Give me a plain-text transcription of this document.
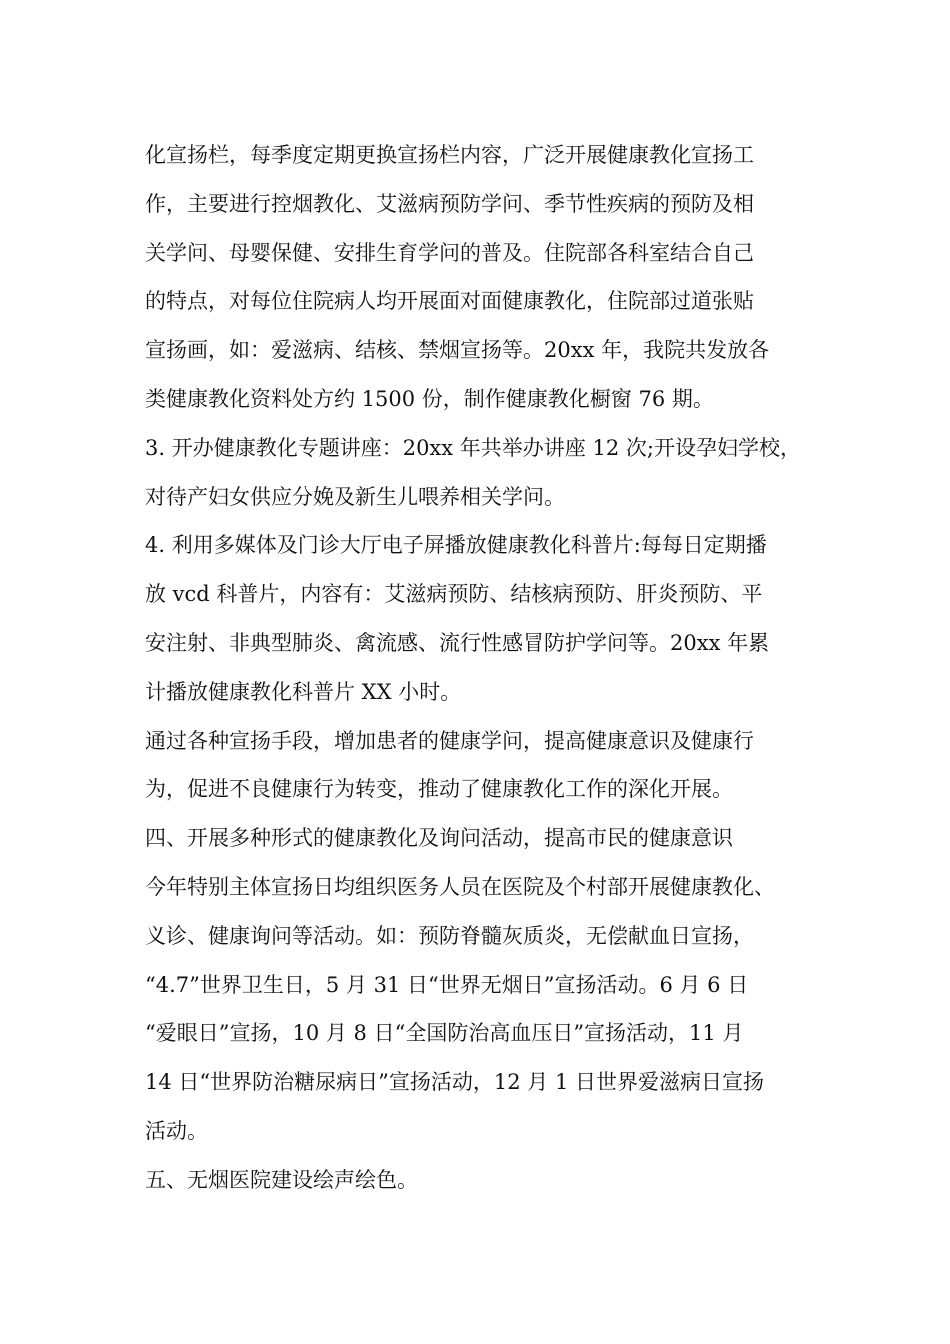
化宣扬栏，每季度定期更换宣扬栏内容，广泛开展健康教化宣扬工
作，主要进行控烟教化、艾滋病预防学问、季节性疾病的预防及相
关学问、母婴保健、安排生育学问的普及。住院部各科室结合自己
的特点，对每位住院病人均开展面对面健康教化，住院部过道张贴
宣扬画，如：爱滋病、结核、禁烟宣扬等。20xx 年，我院共发放各
类健康教化资料处方约 1500 份，制作健康教化橱窗 76 期。
3. 开办健康教化专题讲座：20xx 年共举办讲座 12 次;开设孕妇学校，
对待产妇女供应分娩及新生儿喂养相关学问。
4. 利用多媒体及门诊大厅电子屏播放健康教化科普片:每每日定期播
放 vcd 科普片，内容有：艾滋病预防、结核病预防、肝炎预防、平
安注射、非典型肺炎、禽流感、流行性感冒防护学问等。20xx 年累
计播放健康教化科普片 XX 小时。
通过各种宣扬手段，增加患者的健康学问，提高健康意识及健康行
为，促进不良健康行为转变，推动了健康教化工作的深化开展。
四、开展多种形式的健康教化及询问活动，提高市民的健康意识
今年特别主体宣扬日均组织医务人员在医院及个村部开展健康教化、
义诊、健康询问等活动。如：预防脊髓灰质炎，无偿献血日宣扬，
“4.7”世界卫生日，5 月 31 日“世界无烟日”宣扬活动。6 月 6 日
“爱眼日”宣扬，10 月 8 日“全国防治高血压日”宣扬活动，11 月
14 日“世界防治糖尿病日”宣扬活动，12 月 1 日世界爱滋病日宣扬
活动。
五、无烟医院建设绘声绘色。
